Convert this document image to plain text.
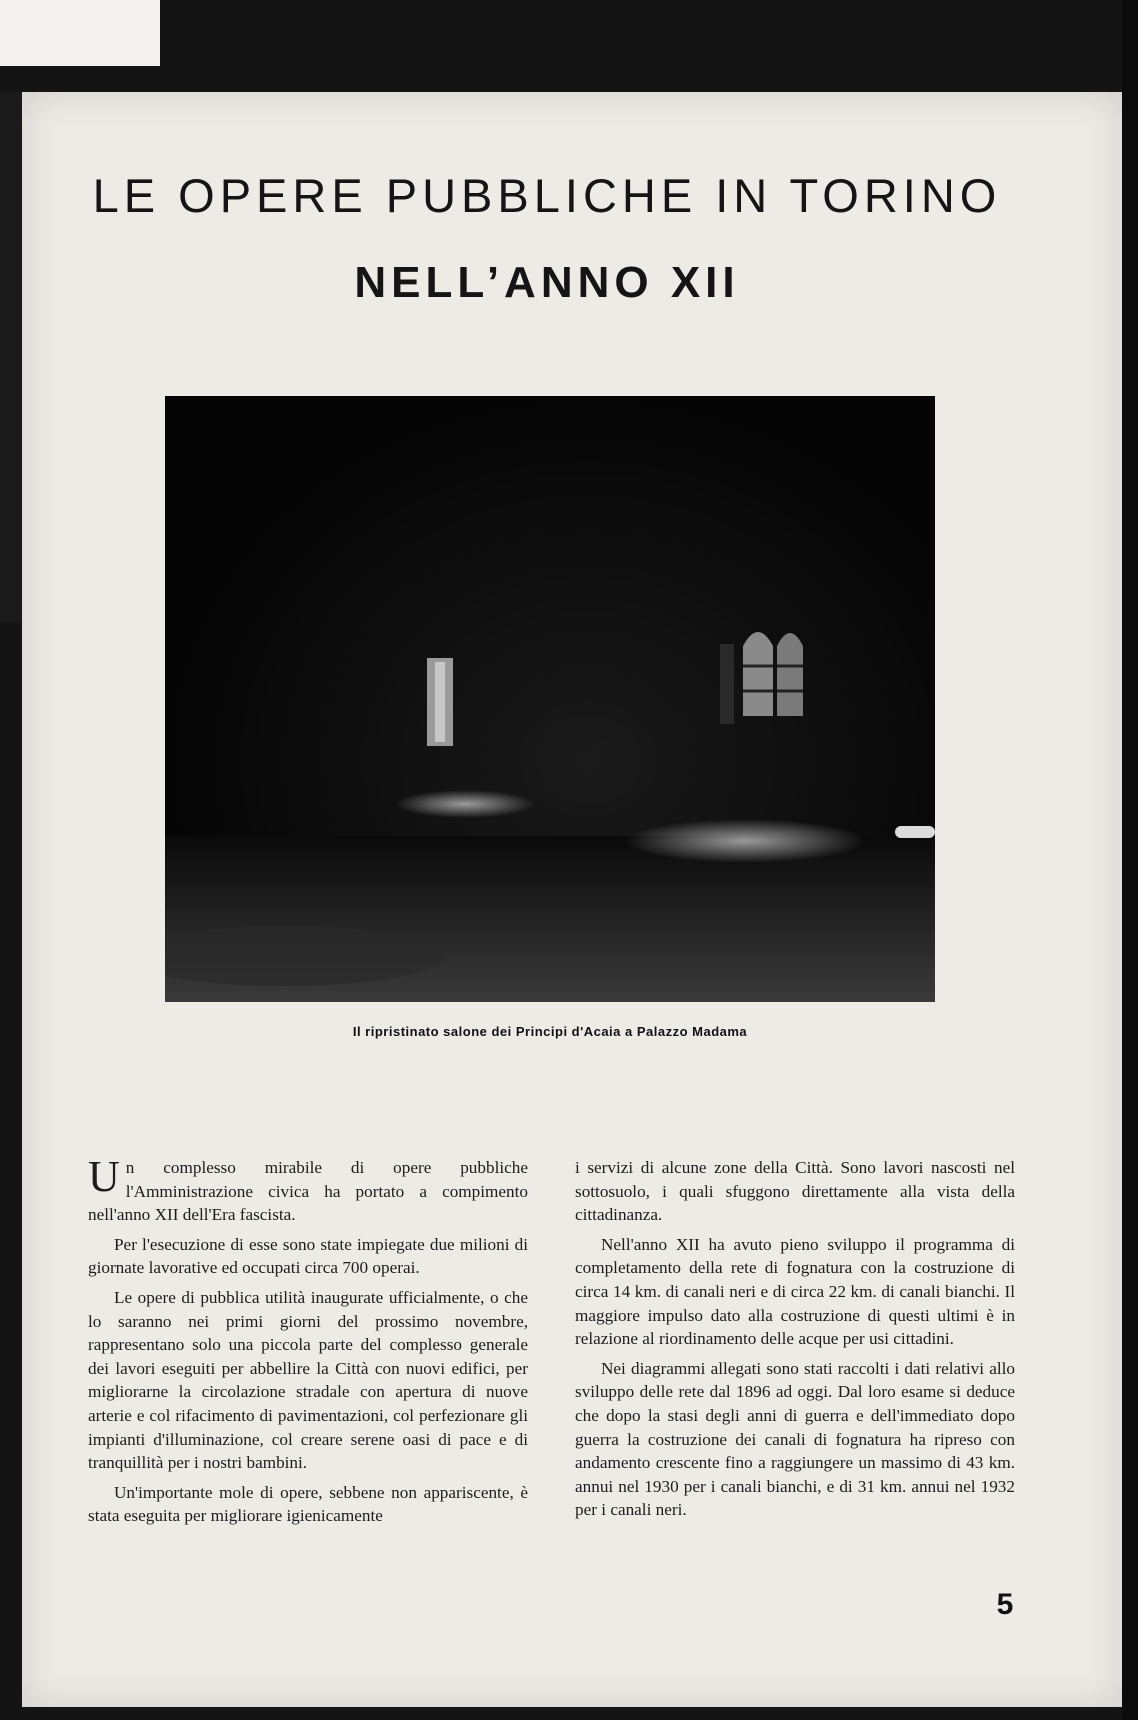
LE OPERE PUBBLICHE IN TORINO
NELL’ANNO XII

Il ripristinato salone dei Principi d'Acaia a Palazzo Madama

Un complesso mirabile di opere pubbliche l'Amministrazione civica ha portato a compimento nell'anno XII dell'Era fascista.

Per l'esecuzione di esse sono state impiegate due milioni di giornate lavorative ed occupati circa 700 operai.

Le opere di pubblica utilità inaugurate ufficialmente, o che lo saranno nei primi giorni del prossimo novembre, rappresentano solo una piccola parte del complesso generale dei lavori eseguiti per abbellire la Città con nuovi edifici, per migliorarne la circolazione stradale con apertura di nuove arterie e col rifacimento di pavimentazioni, col perfezionare gli impianti d'illuminazione, col creare serene oasi di pace e di tranquillità per i nostri bambini.

Un'importante mole di opere, sebbene non appariscente, è stata eseguita per migliorare igienicamente

i servizi di alcune zone della Città. Sono lavori nascosti nel sottosuolo, i quali sfuggono direttamente alla vista della cittadinanza.

Nell'anno XII ha avuto pieno sviluppo il programma di completamento della rete di fognatura con la costruzione di circa 14 km. di canali neri e di circa 22 km. di canali bianchi. Il maggiore impulso dato alla costruzione di questi ultimi è in relazione al riordinamento delle acque per usi cittadini.

Nei diagrammi allegati sono stati raccolti i dati relativi allo sviluppo delle rete dal 1896 ad oggi. Dal loro esame si deduce che dopo la stasi degli anni di guerra e dell'immediato dopo guerra la costruzione dei canali di fognatura ha ripreso con andamento crescente fino a raggiungere un massimo di 43 km. annui nel 1930 per i canali bianchi, e di 31 km. annui nel 1932 per i canali neri.

5
